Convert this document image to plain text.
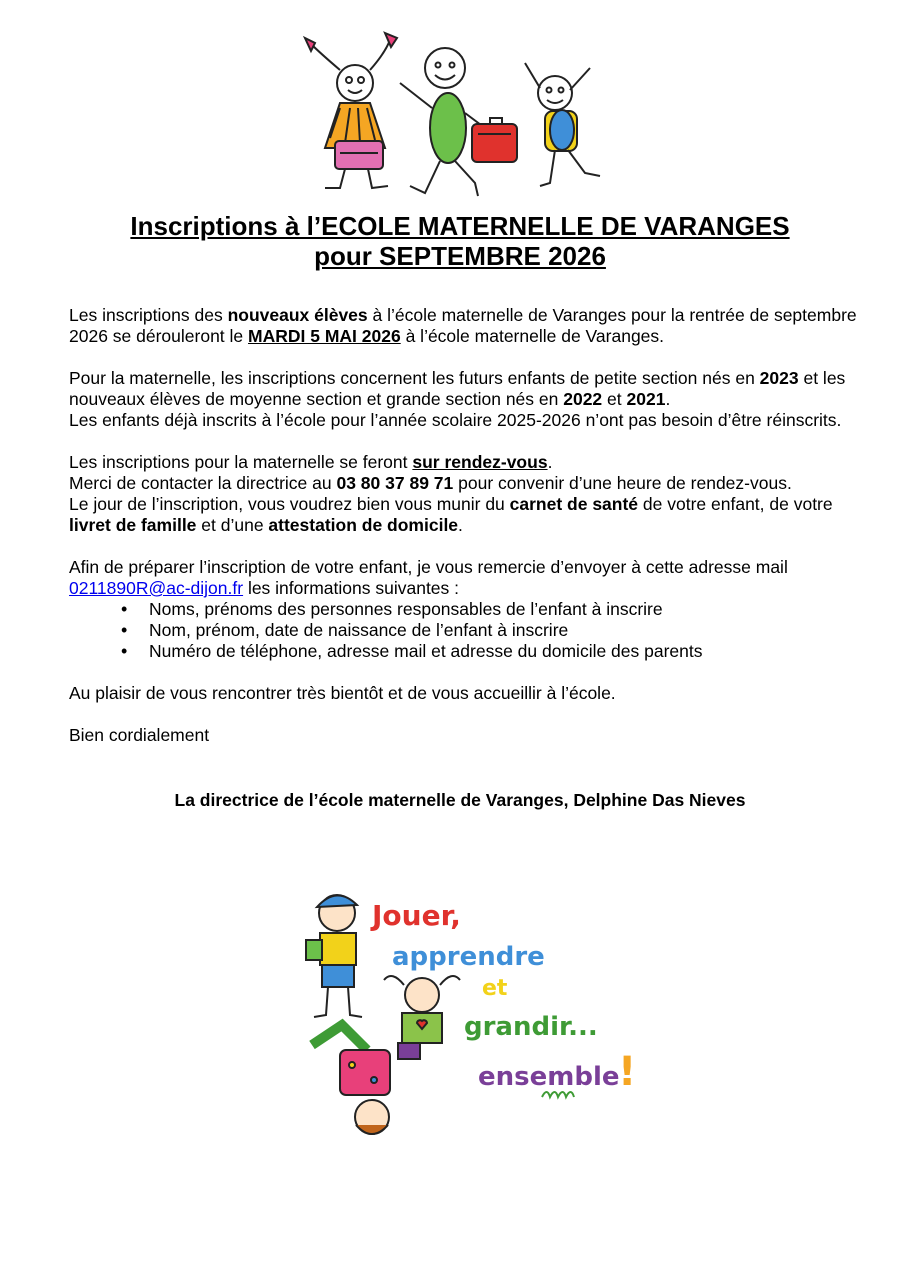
Inscriptions à l’ECOLE MATERNELLE DE VARANGES
pour SEPTEMBRE 2026

Les inscriptions des nouveaux élèves à l’école maternelle de Varanges pour la rentrée de septembre 2026 se dérouleront le MARDI 5 MAI 2026 à l’école maternelle de Varanges.

Pour la maternelle, les inscriptions concernent les futurs enfants de petite section nés en 2023 et les nouveaux élèves de moyenne section et grande section nés en 2022 et 2021.

Les enfants déjà inscrits à l’école pour l’année scolaire 2025-2026 n’ont pas besoin d’être réinscrits.

Les inscriptions pour la maternelle se feront sur rendez-vous.

Merci de contacter la directrice au 03 80 37 89 71 pour convenir d’une heure de rendez-vous.

Le jour de l’inscription, vous voudrez bien vous munir du carnet de santé de votre enfant, de votre livret de famille et d’une attestation de domicile.

Afin de préparer l’inscription de votre enfant, je vous remercie d’envoyer à cette adresse mail 0211890R@ac-dijon.fr les informations suivantes :

• Noms, prénoms des personnes responsables de l’enfant à inscrire
• Nom, prénom, date de naissance de l’enfant à inscrire
• Numéro de téléphone, adresse mail et adresse du domicile des parents

Au plaisir de vous rencontrer très bientôt et de vous accueillir à l’école.

Bien cordialement

La directrice de l’école maternelle de Varanges, Delphine Das Nieves
Jouer,
apprendre
et
grandir...
ensemble
!
